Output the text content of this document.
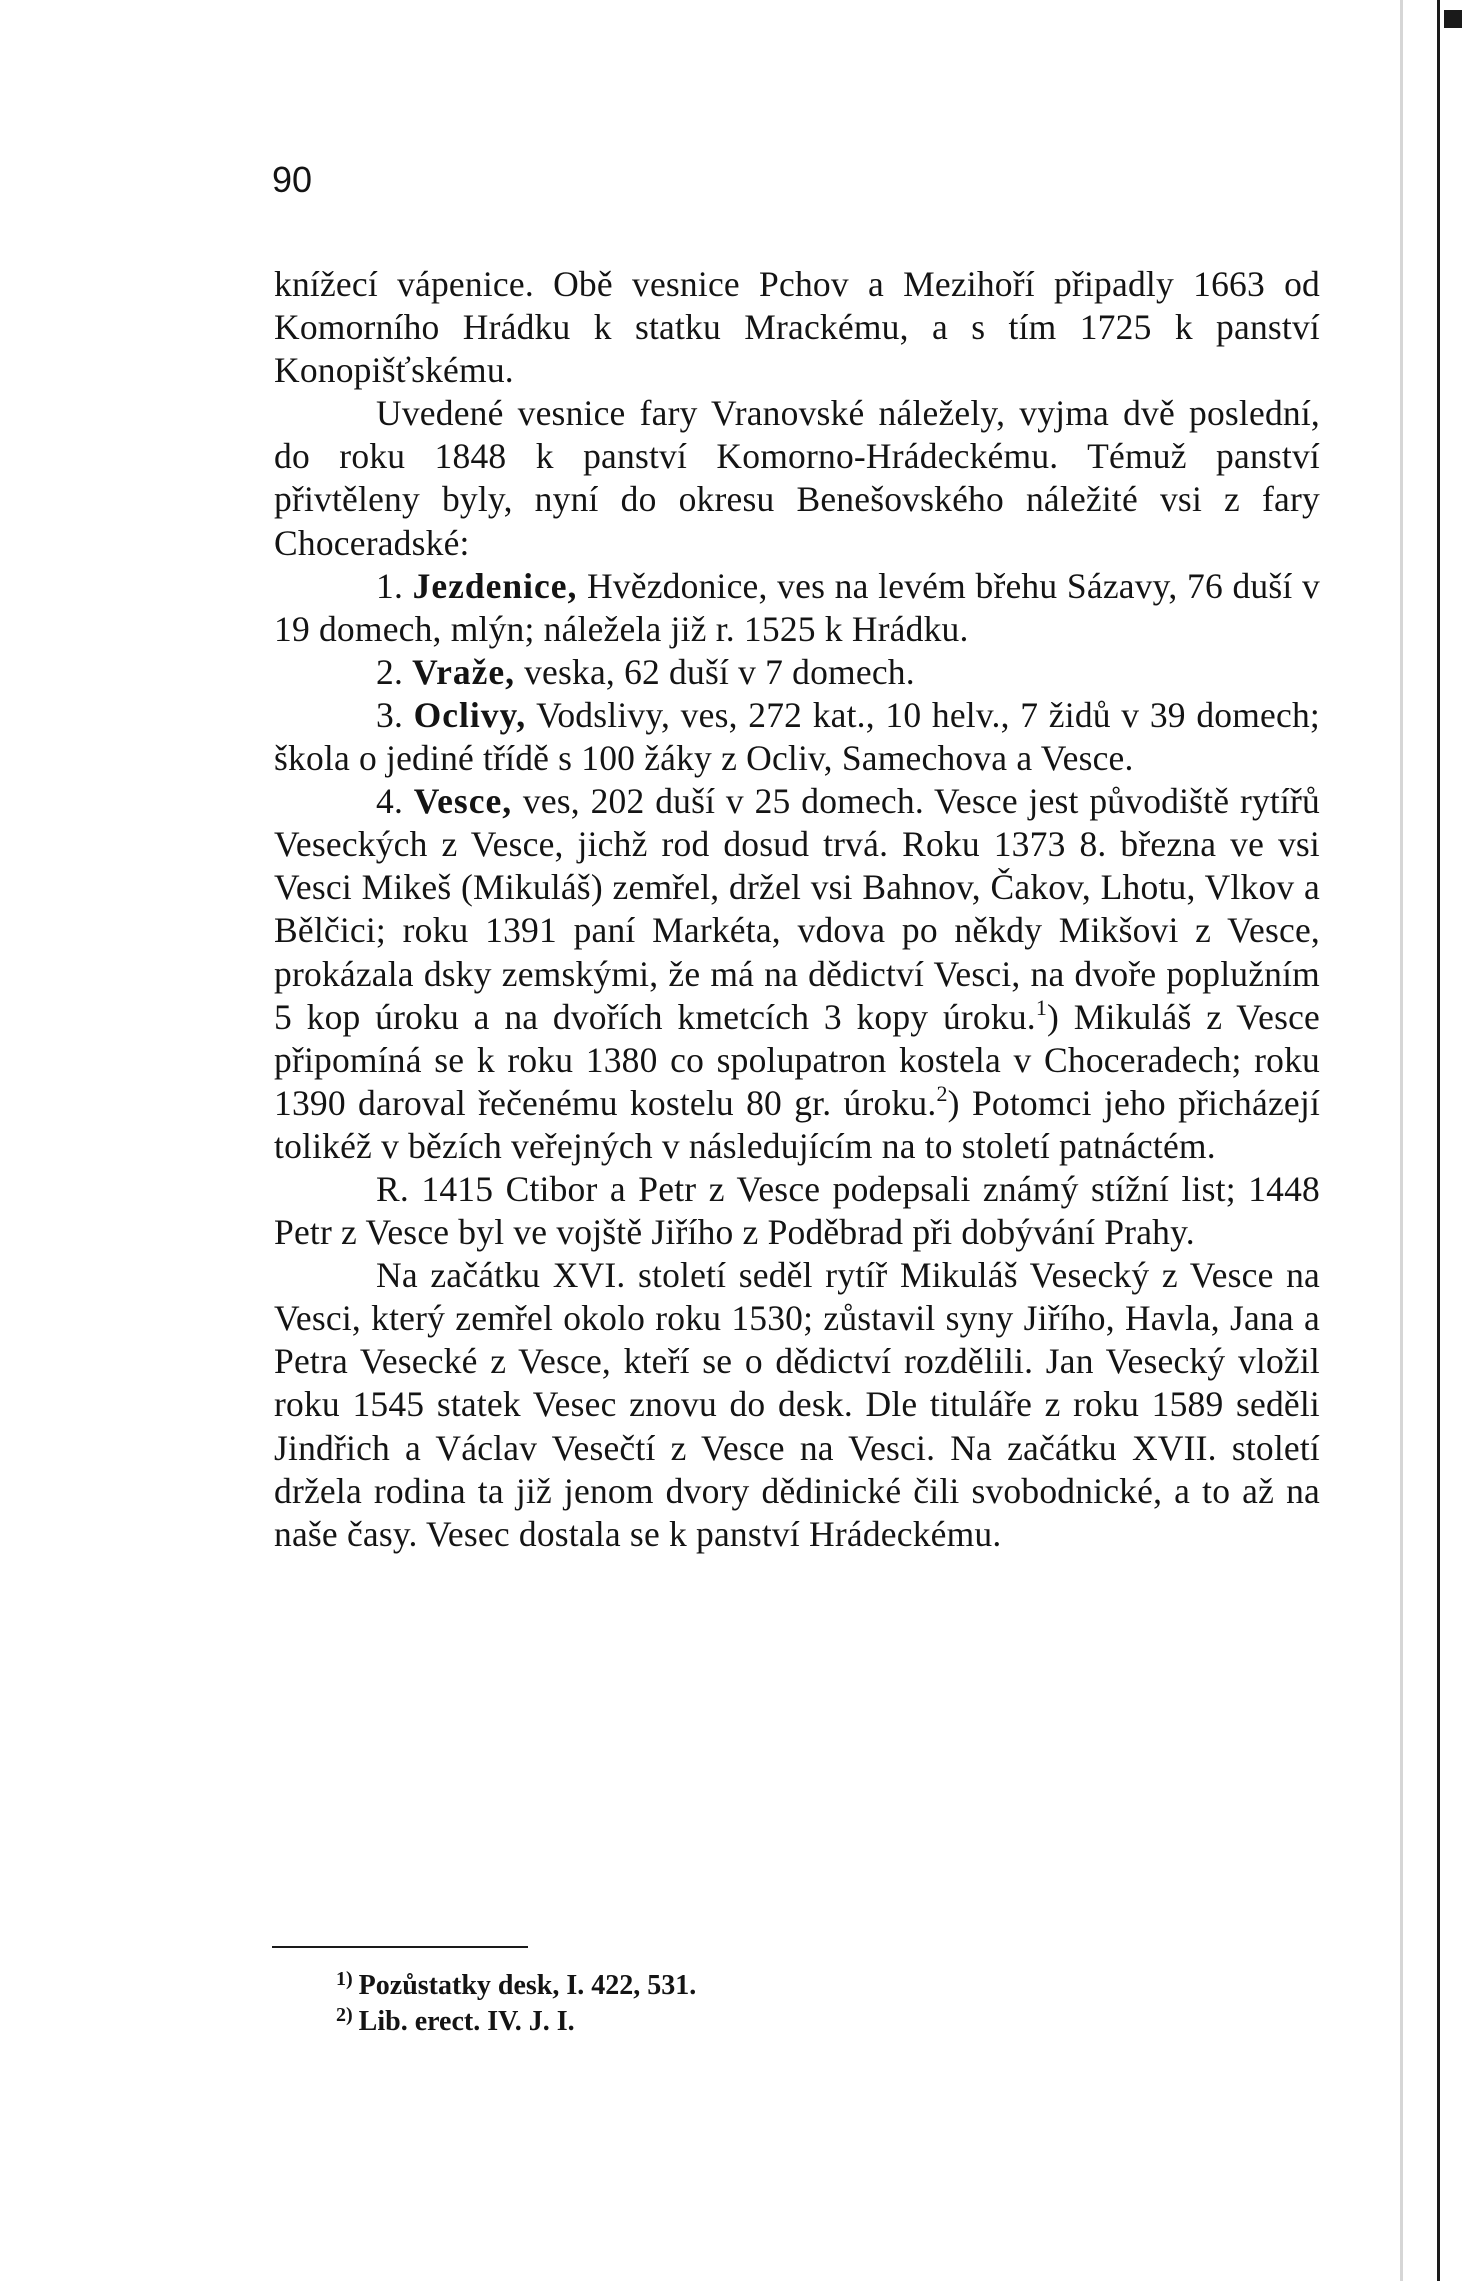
90

knížecí vápenice. Obě vesnice Pchov a Mezihoří připadly 1663 od Komorního Hrádku k statku Mrackému, a s tím 1725 k panství Konopišťskému.

Uvedené vesnice fary Vranovské náležely, vyjma dvě poslední, do roku 1848 k panství Komorno-Hrádeckému. Témuž panství přivtěleny byly, nyní do okresu Benešovského náležité vsi z fary Choceradské:

1. Jezdenice, Hvězdonice, ves na levém břehu Sázavy, 76 duší v 19 domech, mlýn; náležela již r. 1525 k Hrádku.

2. Vraže, veska, 62 duší v 7 domech.

3. Oclivy, Vodslivy, ves, 272 kat., 10 helv., 7 židů v 39 domech; škola o jediné třídě s 100 žáky z Ocliv, Samechova a Vesce.

4. Vesce, ves, 202 duší v 25 domech. Vesce jest původiště rytířů Veseckých z Vesce, jichž rod dosud trvá. Roku 1373 8. března ve vsi Vesci Mikeš (Mikuláš) zemřel, držel vsi Bahnov, Čakov, Lhotu, Vlkov a Bělčici; roku 1391 paní Markéta, vdova po někdy Mikšovi z Vesce, prokázala dsky zemskými, že má na dědictví Vesci, na dvoře poplužním 5 kop úroku a na dvořích kmetcích 3 kopy úroku.$^1$) Mikuláš z Vesce připomíná se k roku 1380 co spolupatron kostela v Choceradech; roku 1390 daroval řečenému kostelu 80 gr. úroku.$^2$) Potomci jeho přicházejí tolikéž v bězích veřejných v následujícím na to století patnáctém.

R. 1415 Ctibor a Petr z Vesce podepsali známý stížní list; 1448 Petr z Vesce byl ve vojště Jiřího z Poděbrad při dobývání Prahy.

Na začátku XVI. století seděl rytíř Mikuláš Vesecký z Vesce na Vesci, který zemřel okolo roku 1530; zůstavil syny Jiřího, Havla, Jana a Petra Vesecké z Vesce, kteří se o dědictví rozdělili. Jan Vesecký vložil roku 1545 statek Vesec znovu do desk. Dle tituláře z roku 1589 seděli Jindřich a Václav Vesečtí z Vesce na Vesci. Na začátku XVII. století držela rodina ta již jenom dvory dědinické čili svobodnické, a to až na naše časy. Vesec dostala se k panství Hrádeckému.

$^{1)}$ Pozůstatky desk, I. 422, 531.

$^{2)}$ Lib. erect. IV. J. I.
